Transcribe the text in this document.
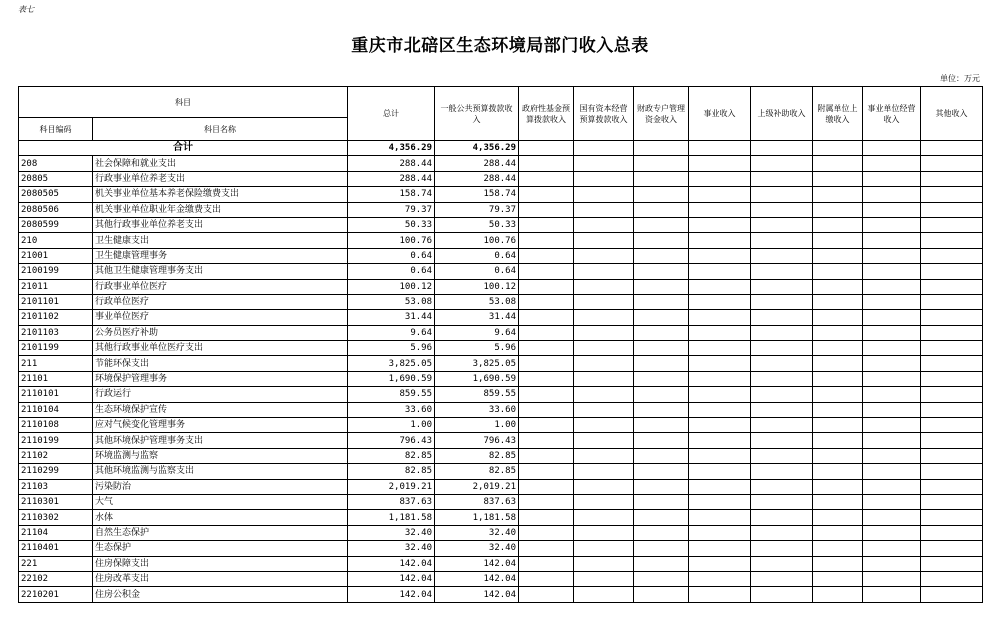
表七
重庆市北碚区生态环境局部门收入总表
单位：万元
科目		总计	一般公共预算拨款收入	政府性基金预算拨款收入	国有资本经营预算拨款收入	财政专户管理资金收入	事业收入	上级补助收入	附属单位上缴收入	事业单位经营收入	其他收入
科目编码	科目名称										
合计		4,356.29	4,356.29								
208	社会保障和就业支出	288.44	288.44								
20805	行政事业单位养老支出	288.44	288.44								
2080505	机关事业单位基本养老保险缴费支出	158.74	158.74								
2080506	机关事业单位职业年金缴费支出	79.37	79.37								
2080599	其他行政事业单位养老支出	50.33	50.33								
210	卫生健康支出	100.76	100.76								
21001	卫生健康管理事务	0.64	0.64								
2100199	其他卫生健康管理事务支出	0.64	0.64								
21011	行政事业单位医疗	100.12	100.12								
2101101	行政单位医疗	53.08	53.08								
2101102	事业单位医疗	31.44	31.44								
2101103	公务员医疗补助	9.64	9.64								
2101199	其他行政事业单位医疗支出	5.96	5.96								
211	节能环保支出	3,825.05	3,825.05								
21101	环境保护管理事务	1,690.59	1,690.59								
2110101	行政运行	859.55	859.55								
2110104	生态环境保护宣传	33.60	33.60								
2110108	应对气候变化管理事务	1.00	1.00								
2110199	其他环境保护管理事务支出	796.43	796.43								
21102	环境监测与监察	82.85	82.85								
2110299	其他环境监测与监察支出	82.85	82.85								
21103	污染防治	2,019.21	2,019.21								
2110301	大气	837.63	837.63								
2110302	水体	1,181.58	1,181.58								
21104	自然生态保护	32.40	32.40								
2110401	生态保护	32.40	32.40								
221	住房保障支出	142.04	142.04								
22102	住房改革支出	142.04	142.04								
2210201	住房公积金	142.04	142.04								
